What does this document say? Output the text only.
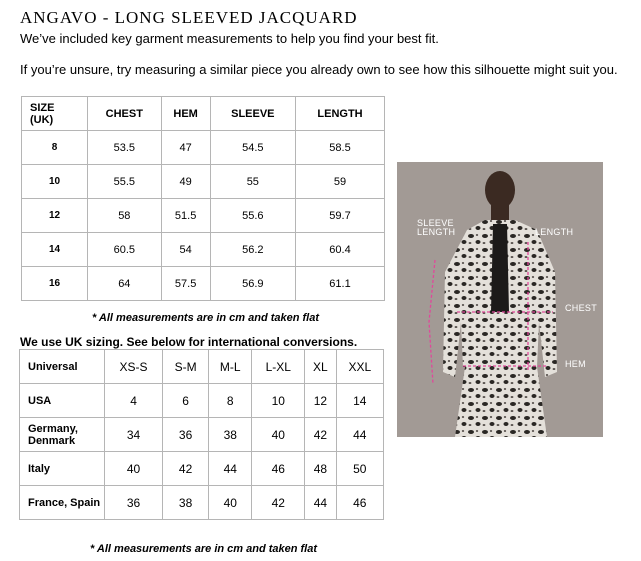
ANGAVO - LONG SLEEVED JACQUARD
We’ve included key garment measurements to help you find your best fit.
If you’re unsure, try measuring a similar piece you already own to see how this silhouette might suit you.
SIZE
(UK)	CHEST	HEM	SLEEVE	LENGTH
8	53.5	47	54.5	58.5
10	55.5	49	55	59
12	58	51.5	55.6	59.7
14	60.5	54	56.2	60.4
16	64	57.5	56.9	61.1
* All measurements are in cm and taken flat
We use UK sizing. See below for international conversions.
Universal	XS-S	S-M	M-L	L-XL	XL	XXL
USA	4	6	8	10	12	14
Germany, Denmark	34	36	38	40	42	44
Italy	40	42	44	46	48	50
France, Spain	36	38	40	42	44	46
* All measurements are in cm and taken flat
SLEEVE LENGTH	LENGTH
CHEST
HEM
